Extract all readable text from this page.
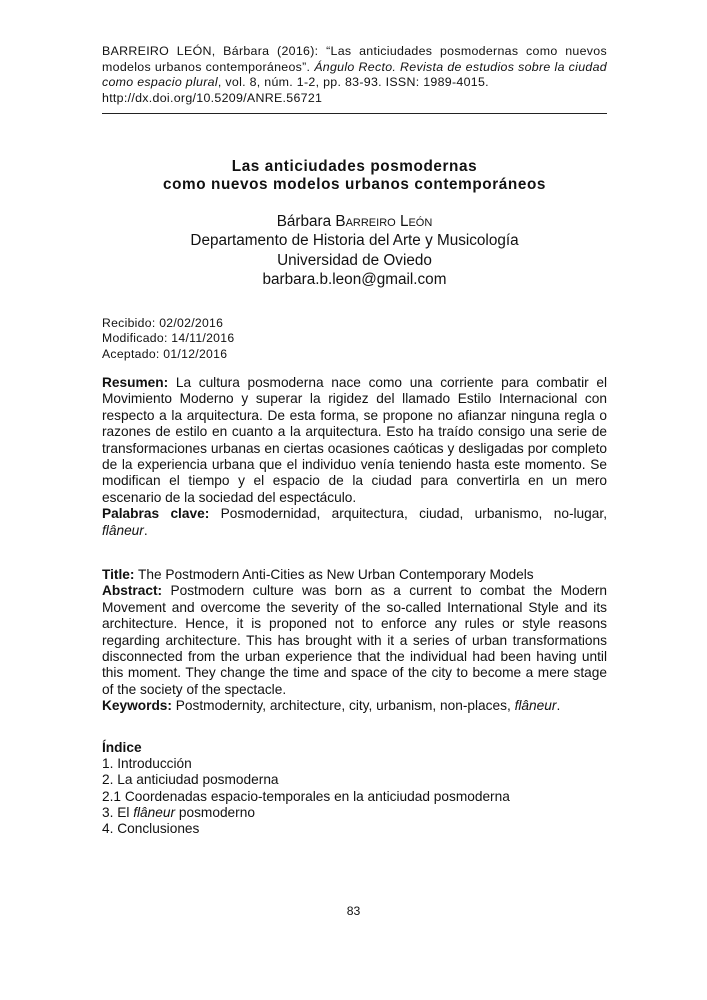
BARREIRO LEÓN, Bárbara (2016): “Las anticiudades posmodernas como nuevos modelos urbanos contemporáneos”. Ángulo Recto. Revista de estudios sobre la ciudad como espacio plural, vol. 8, núm. 1-2, pp. 83-93. ISSN: 1989-4015.
http://dx.doi.org/10.5209/ANRE.56721
Las anticiudades posmodernas
como nuevos modelos urbanos contemporáneos
Bárbara Barreiro León
Departamento de Historia del Arte y Musicología
Universidad de Oviedo
barbara.b.leon@gmail.com
Recibido: 02/02/2016
Modificado: 14/11/2016
Aceptado: 01/12/2016

Resumen: La cultura posmoderna nace como una corriente para combatir el Movimiento Moderno y superar la rigidez del llamado Estilo Internacional con respecto a la arquitectura. De esta forma, se propone no afianzar ninguna regla o razones de estilo en cuanto a la arquitectura. Esto ha traído consigo una serie de transformaciones urbanas en ciertas ocasiones caóticas y desligadas por completo de la experiencia urbana que el individuo venía teniendo hasta este momento. Se modifican el tiempo y el espacio de la ciudad para convertirla en un mero escenario de la sociedad del espectáculo.

Palabras clave: Posmodernidad, arquitectura, ciudad, urbanismo, no-lugar, flâneur.

Title: The Postmodern Anti-Cities as New Urban Contemporary Models

Abstract: Postmodern culture was born as a current to combat the Modern Movement and overcome the severity of the so-called International Style and its architecture. Hence, it is proponed not to enforce any rules or style reasons regarding architecture. This has brought with it a series of urban transformations disconnected from the urban experience that the individual had been having until this moment. They change the time and space of the city to become a mere stage of the society of the spectacle.

Keywords: Postmodernity, architecture, city, urbanism, non-places, flâneur.

Índice
1. Introducción
2. La anticiudad posmoderna
2.1 Coordenadas espacio-temporales en la anticiudad posmoderna
3. El flâneur posmoderno
4. Conclusiones
83
